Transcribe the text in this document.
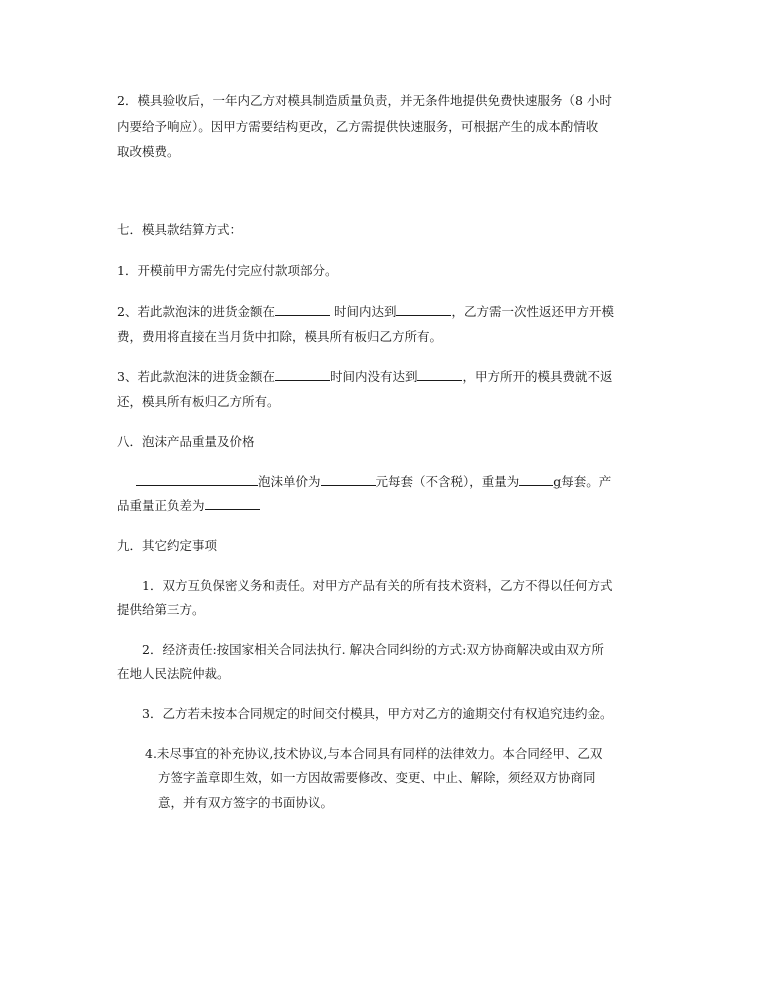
2．模具验收后，一年内乙方对模具制造质量负责，并无条件地提供免费快速服务（8 小时
内要给予响应）。因甲方需要结构更改，乙方需提供快速服务，可根据产生的成本酌情收
取改模费。
七．模具款结算方式：
1．开模前甲方需先付完应付款项部分。
2、若此款泡沫的进货金额在	时间内达到	，乙方需一次性返还甲方开模
费，费用将直接在当月货中扣除，模具所有板归乙方所有。
3、若此款泡沫的进货金额在	时间内没有达到	，甲方所开的模具费就不返
还，模具所有板归乙方所有。
八．泡沫产品重量及价格
泡沫单价为	元每套（不含税），重量为	g每套。产
品重量正负差为
九．其它约定事项
1．双方互负保密义务和责任。对甲方产品有关的所有技术资料，乙方不得以任何方式
提供给第三方。
2．经济责任:按国家相关合同法执行. 解决合同纠纷的方式:双方协商解决或由双方所
在地人民法院仲裁。
3．乙方若未按本合同规定的时间交付模具，甲方对乙方的逾期交付有权追究违约金。
4.未尽事宜的补充协议,技术协议,与本合同具有同样的法律效力。本合同经甲、乙双
方签字盖章即生效，如一方因故需要修改、变更、中止、解除，须经双方协商同
意，并有双方签字的书面协议。
